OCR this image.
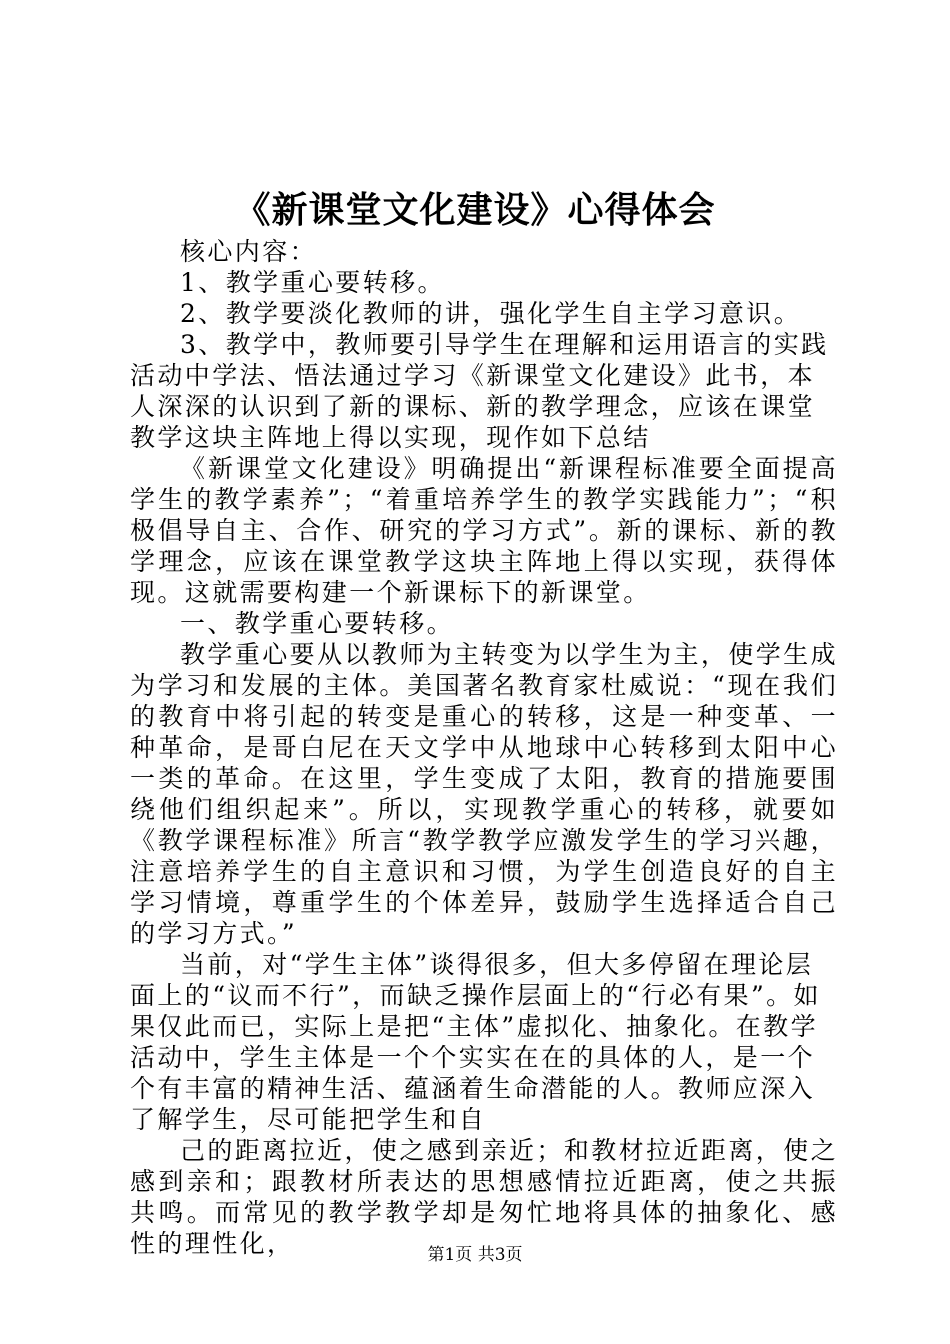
《新课堂文化建设》心得体会

核心内容：

1、教学重心要转移。

2、教学要淡化教师的讲，强化学生自主学习意识。

3、教学中，教师要引导学生在理解和运用语言的实践活动中学法、悟法通过学习《新课堂文化建设》此书，本人深深的认识到了新的课标、新的教学理念，应该在课堂教学这块主阵地上得以实现，现作如下总结

《新课堂文化建设》明确提出“新课程标准要全面提高学生的教学素养”；“着重培养学生的教学实践能力”；“积极倡导自主、合作、研究的学习方式”。新的课标、新的教学理念，应该在课堂教学这块主阵地上得以实现，获得体现。这就需要构建一个新课标下的新课堂。

一、教学重心要转移。

教学重心要从以教师为主转变为以学生为主，使学生成为学习和发展的主体。美国著名教育家杜威说：“现在我们的教育中将引起的转变是重心的转移，这是一种变革、一种革命，是哥白尼在天文学中从地球中心转移到太阳中心一类的革命。在这里，学生变成了太阳，教育的措施要围绕他们组织起来”。所以，实现教学重心的转移，就要如《教学课程标准》所言“教学教学应激发学生的学习兴趣，注意培养学生的自主意识和习惯，为学生创造良好的自主学习情境，尊重学生的个体差异，鼓励学生选择适合自己的学习方式。”

当前，对“学生主体”谈得很多，但大多停留在理论层面上的“议而不行”，而缺乏操作层面上的“行必有果”。如果仅此而已，实际上是把“主体”虚拟化、抽象化。在教学活动中，学生主体是一个个实实在在的具体的人，是一个个有丰富的精神生活、蕴涵着生命潜能的人。教师应深入了解学生，尽可能把学生和自

己的距离拉近，使之感到亲近；和教材拉近距离，使之感到亲和；跟教材所表达的思想感情拉近距离，使之共振共鸣。而常见的教学教学却是匆忙地将具体的抽象化、感性的理性化，	第1页 共3页
